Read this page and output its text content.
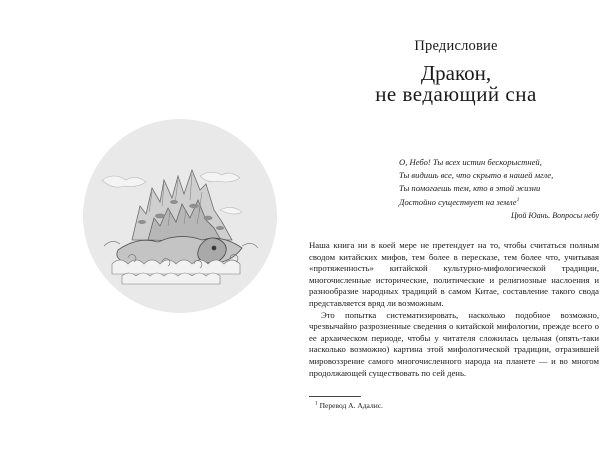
Предисловие
Дракон,
не ведающий сна
О, Небо! Ты всех истин бескорыстней,
Ты видишь все, что скрыто в нашей мгле,
Ты помогаешь тем, кто в этой жизни
Достойно существует на земле$^1$
Цюй Юань. Вопросы небу

Наша книга ни в коей мере не претендует на то, чтобы считаться полным сводом китайских мифов, тем более в пересказе, тем более что, учитывая «протяженность» китайской культурно-мифологической традиции, многочисленные исторические, политические и религиозные наслоения и разнообразие народных традиций в самом Китае, составление такого свода представляется вряд ли возможным.

Это попытка систематизировать, насколько подобное возможно, чрезвычайно разрозненные сведения о китайской мифологии, прежде всего о ее архаическом периоде, чтобы у читателя сложилась цельная (опять-таки насколько возможно) картина этой мифологической традиции, отразившей мировоззрение самого многочисленного народа на планете — и во многом продолжающей существовать по сей день.

$^1$ Перевод А. Адалис.
